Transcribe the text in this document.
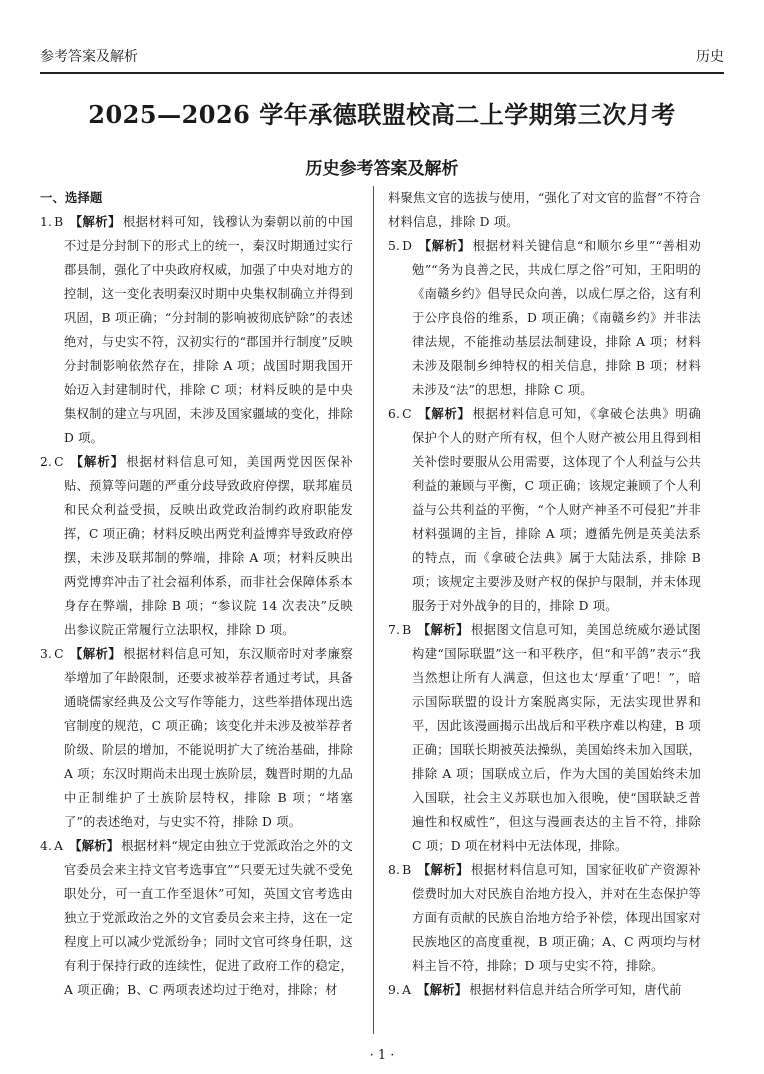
参考答案及解析	历史
2025—2026 学年承德联盟校高二上学期第三次月考
历史参考答案及解析

一、选择题

1. B 【解析】 根据材料可知，钱穆认为秦朝以前的中国不过是分封制下的形式上的统一，秦汉时期通过实行郡县制，强化了中央政府权威，加强了中央对地方的控制，这一变化表明秦汉时期中央集权制确立并得到巩固，B 项正确；“分封制的影响被彻底铲除”的表述绝对，与史实不符，汉初实行的“郡国并行制度”反映分封制影响依然存在，排除 A 项；战国时期我国开始迈入封建制时代，排除 C 项；材料反映的是中央集权制的建立与巩固，未涉及国家疆域的变化，排除 D 项。

2. C 【解析】 根据材料信息可知，美国两党因医保补贴、预算等问题的严重分歧导致政府停摆，联邦雇员和民众利益受损，反映出政党政治制约政府职能发挥，C 项正确；材料反映出两党利益博弈导致政府停摆，未涉及联邦制的弊端，排除 A 项；材料反映出两党博弈冲击了社会福利体系，而非社会保障体系本身存在弊端，排除 B 项；“参议院 14 次表决”反映出参议院正常履行立法职权，排除 D 项。

3. C 【解析】 根据材料信息可知，东汉顺帝时对孝廉察举增加了年龄限制，还要求被举荐者通过考试，具备通晓儒家经典及公文写作等能力，这些举措体现出选官制度的规范，C 项正确；该变化并未涉及被举荐者阶级、阶层的增加，不能说明扩大了统治基础，排除 A 项；东汉时期尚未出现士族阶层，魏晋时期的九品中正制维护了士族阶层特权，排除 B 项；“堵塞了”的表述绝对，与史实不符，排除 D 项。

4. A 【解析】 根据材料“规定由独立于党派政治之外的文官委员会来主持文官考选事宜”“只要无过失就不受免职处分，可一直工作至退休”可知，英国文官考选由独立于党派政治之外的文官委员会来主持，这在一定程度上可以减少党派纷争；同时文官可终身任职，这有利于保持行政的连续性，促进了政府工作的稳定，A 项正确；B、C 两项表述均过于绝对，排除；材

料聚焦文官的选拔与使用，“强化了对文官的监督”不符合材料信息，排除 D 项。

5. D 【解析】 根据材料关键信息“和顺尔乡里”“善相劝勉”“务为良善之民，共成仁厚之俗”可知，王阳明的《南赣乡约》倡导民众向善，以成仁厚之俗，这有利于公序良俗的维系，D 项正确；《南赣乡约》并非法律法规，不能推动基层法制建设，排除 A 项；材料未涉及限制乡绅特权的相关信息，排除 B 项；材料未涉及“法”的思想，排除 C 项。

6. C 【解析】 根据材料信息可知，《拿破仑法典》明确保护个人的财产所有权，但个人财产被公用且得到相关补偿时要服从公用需要，这体现了个人利益与公共利益的兼顾与平衡，C 项正确；该规定兼顾了个人利益与公共利益的平衡，“个人财产神圣不可侵犯”并非材料强调的主旨，排除 A 项；遵循先例是英美法系的特点，而《拿破仑法典》属于大陆法系，排除 B 项；该规定主要涉及财产权的保护与限制，并未体现服务于对外战争的目的，排除 D 项。

7. B 【解析】 根据图文信息可知，美国总统威尔逊试图构建“国际联盟”这一和平秩序，但“和平鸽”表示“我当然想让所有人满意，但这也太‘厚重’了吧！”，暗示国际联盟的设计方案脱离实际，无法实现世界和平，因此该漫画揭示出战后和平秩序难以构建，B 项正确；国联长期被英法操纵，美国始终未加入国联，排除 A 项；国联成立后，作为大国的美国始终未加入国联，社会主义苏联也加入很晚，使“国联缺乏普遍性和权威性”，但这与漫画表达的主旨不符，排除 C 项；D 项在材料中无法体现，排除。

8. B 【解析】 根据材料信息可知，国家征收矿产资源补偿费时加大对民族自治地方投入，并对在生态保护等方面有贡献的民族自治地方给予补偿，体现出国家对民族地区的高度重视，B 项正确；A、C 两项均与材料主旨不符，排除；D 项与史实不符，排除。

9. A 【解析】 根据材料信息并结合所学可知，唐代前

· 1 ·
